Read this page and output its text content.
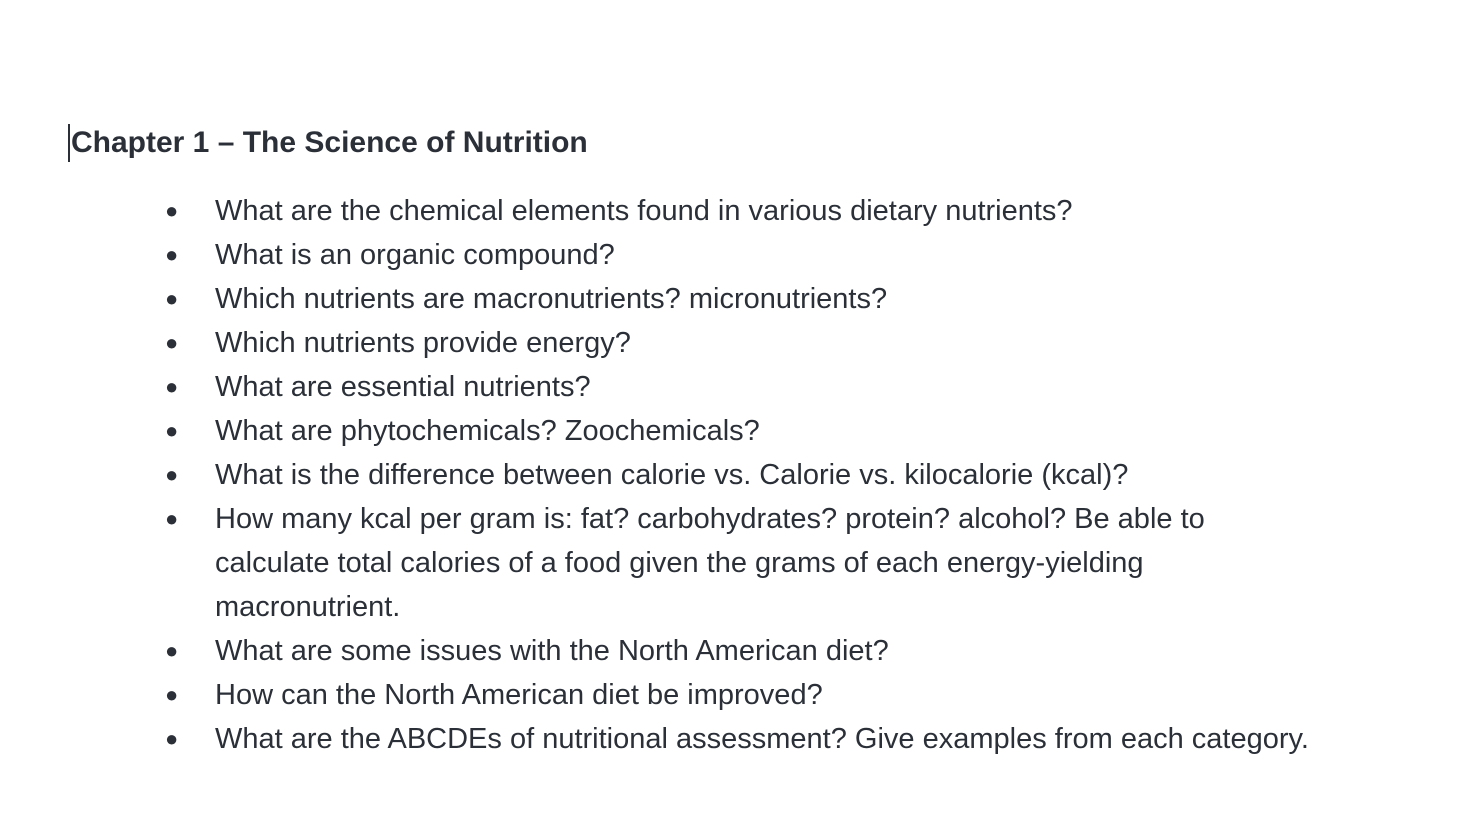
Chapter 1 – The Science of Nutrition
●	What are the chemical elements found in various dietary nutrients?
●	What is an organic compound?
●	Which nutrients are macronutrients? micronutrients?
●	Which nutrients provide energy?
●	What are essential nutrients?
●	What are phytochemicals? Zoochemicals?
●	What is the difference between calorie vs. Calorie vs. kilocalorie (kcal)?
●	How many kcal per gram is: fat? carbohydrates? protein? alcohol? Be able to calculate total calories of a food given the grams of each energy-yielding macronutrient.
●	What are some issues with the North American diet?
●	How can the North American diet be improved?
●	What are the ABCDEs of nutritional assessment? Give examples from each category.
